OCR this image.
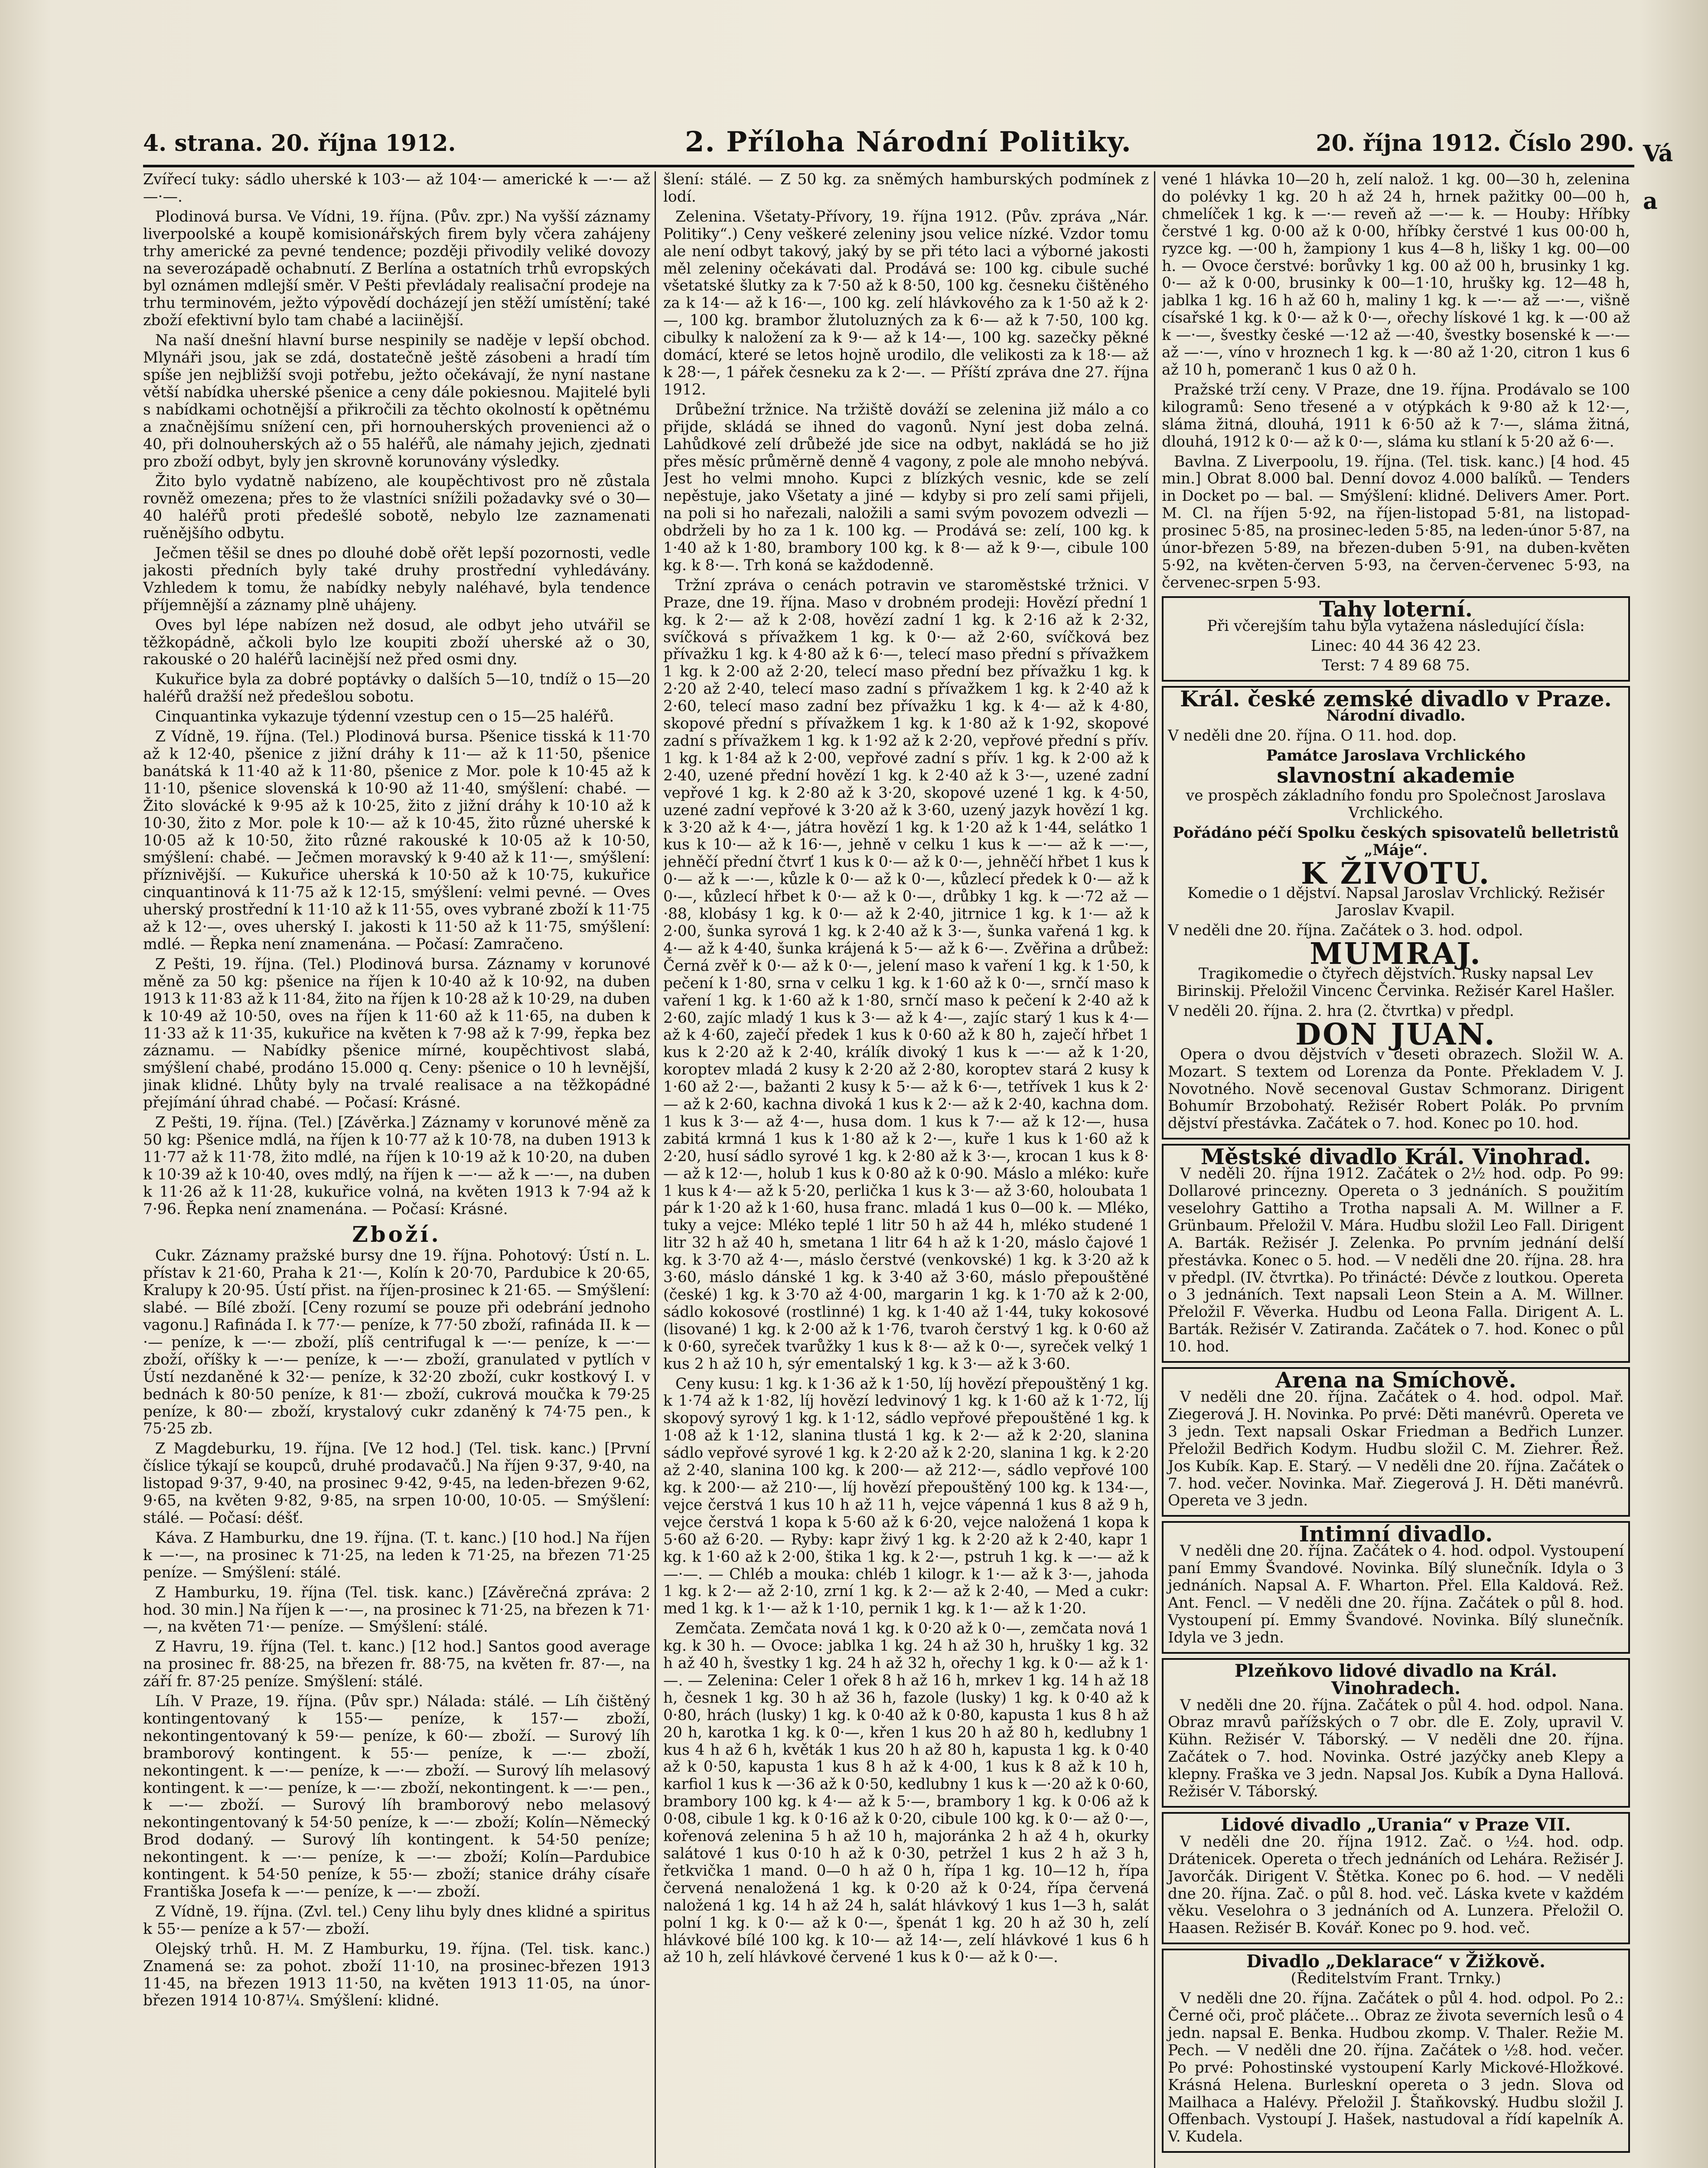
4. strana. 20. října 1912.	2. Příloha Národní Politiky.	20. října 1912. Číslo 290.

Zvířecí tuky: sádlo uherské k 103·— až 104·— americké k —·— až —·—.

Plodinová bursa. Ve Vídni, 19. října. (Pův. zpr.) Na vyšší záznamy liverpoolské a koupě komisionářských firem byly včera zahájeny trhy americké za pevné tendence; později přivodily veliké dovozy na severozápadě ochabnutí. Z Berlína a ostatních trhů evropských byl oznámen mdlejší směr. V Pešti převládaly realisační prodeje na trhu terminovém, ježto výpovědí docházejí jen stěží umístění; také zboží efektivní bylo tam chabé a laciinější.

Na naší dnešní hlavní burse nespinily se naděje v lepší obchod. Mlynáři jsou, jak se zdá, dostatečně ještě zásobeni a hradí tím spíše jen nejbližší svoji potřebu, ježto očekávají, že nyní nastane větší nabídka uherské pšenice a ceny dále pokiesnou. Majitelé byli s nabídkami ochotnější a přikročili za těchto okolností k opětnému a značnějšímu snížení cen, při hornouherských provenienci až o 40, při dolnouherských až o 55 haléřů, ale námahy jejich, zjednati pro zboží odbyt, byly jen skrovně korunovány výsledky.

Žito bylo vydatně nabízeno, ale koupěchtivost pro ně zůstala rovněž omezena; přes to že vlastníci snížili požadavky své o 30—40 haléřů proti předešlé sobotě, nebylo lze zaznamenati ruěnějšího odbytu.

Ječmen těšil se dnes po dlouhé době ořět lepší pozornosti, vedle jakosti předních byly také druhy prostřední vyhledávány. Vzhledem k tomu, že nabídky nebyly naléhavé, byla tendence příjemnější a záznamy plně uhájeny.

Oves byl lépe nabízen než dosud, ale odbyt jeho utvářil se těžkopádně, ačkoli bylo lze koupiti zboží uherské až o 30, rakouské o 20 haléřů lacinější než před osmi dny.

Kukuřice byla za dobré poptávky o dalších 5—10, tndíž o 15—20 haléřů dražší než předešlou sobotu.

Cinquantinka vykazuje týdenní vzestup cen o 15—25 haléřů.

Z Vídně, 19. října. (Tel.) Plodinová bursa. Pšenice tisská k 11·70 až k 12·40, pšenice z jižní dráhy k 11·— až k 11·50, pšenice banátská k 11·40 až k 11·80, pšenice z Mor. pole k 10·45 až k 11·10, pšenice slovenská k 10·90 až 11·40, smýšlení: chabé. — Žito slovácké k 9·95 až k 10·25, žito z jižní dráhy k 10·10 až k 10·30, žito z Mor. pole k 10·— až k 10·45, žito různé uherské k 10·05 až k 10·50, žito různé rakouské k 10·05 až k 10·50, smýšlení: chabé. — Ječmen moravský k 9·40 až k 11·—, smýšlení: příznivější. — Kukuřice uherská k 10·50 až k 10·75, kukuřice cinquantinová k 11·75 až k 12·15, smýšlení: velmi pevné. — Oves uherský prostřední k 11·10 až k 11·55, oves vybrané zboží k 11·75 až k 12·—, oves uherský I. jakosti k 11·50 až k 11·75, smýšlení: mdlé. — Řepka není znamenána. — Počasí: Zamračeno.

Z Pešti, 19. října. (Tel.) Plodinová bursa. Záznamy v korunové měně za 50 kg: pšenice na říjen k 10·40 až k 10·92, na duben 1913 k 11·83 až k 11·84, žito na říjen k 10·28 až k 10·29, na duben k 10·49 až 10·50, oves na říjen k 11·60 až k 11·65, na duben k 11·33 až k 11·35, kukuřice na květen k 7·98 až k 7·99, řepka bez záznamu. — Nabídky pšenice mírné, koupěchtivost slabá, smýšlení chabé, prodáno 15.000 q. Ceny: pšenice o 10 h levnější, jinak klidné. Lhůty byly na trvalé realisace a na těžkopádné přejímání úhrad chabé. — Počasí: Krásné.

Z Pešti, 19. října. (Tel.) [Závěrka.] Záznamy v korunové měně za 50 kg: Pšenice mdlá, na říjen k 10·77 až k 10·78, na duben 1913 k 11·77 až k 11·78, žito mdlé, na říjen k 10·19 až k 10·20, na duben k 10·39 až k 10·40, oves mdlý, na říjen k —·— až k —·—, na duben k 11·26 až k 11·28, kukuřice volná, na květen 1913 k 7·94 až k 7·96. Řepka není znamenána. — Počasí: Krásné.

Zboží.

Cukr. Záznamy pražské bursy dne 19. října. Pohotový: Ústí n. L. přístav k 21·60, Praha k 21·—, Kolín k 20·70, Pardubice k 20·65, Kralupy k 20·95. Ústí přist. na říjen-prosinec k 21·65. — Smýšlení: slabé. — Bílé zboží. [Ceny rozumí se pouze při odebrání jednoho vagonu.] Rafináda I. k 77·— peníze, k 77·50 zboží, rafináda II. k —·— peníze, k —·— zboží, plíš centrifugal k —·— peníze, k —·— zboží, oříšky k —·— peníze, k —·— zboží, granulated v pytlích v Ústí nezdaněné k 32·— peníze, k 32·20 zboží, cukr kostkový I. v bednách k 80·50 peníze, k 81·— zboží, cukrová moučka k 79·25 peníze, k 80·— zboží, krystalový cukr zdaněný k 74·75 pen., k 75·25 zb.

Z Magdeburku, 19. října. [Ve 12 hod.] (Tel. tisk. kanc.) [První číslice týkají se koupců, druhé prodavačů.] Na říjen 9·37, 9·40, na listopad 9·37, 9·40, na prosinec 9·42, 9·45, na leden-březen 9·62, 9·65, na květen 9·82, 9·85, na srpen 10·00, 10·05. — Smýšlení: stálé. — Počasí: déšť.

Káva. Z Hamburku, dne 19. října. (T. t. kanc.) [10 hod.] Na říjen k —·—, na prosinec k 71·25, na leden k 71·25, na březen 71·25 peníze. — Smýšlení: stálé.

Z Hamburku, 19. října (Tel. tisk. kanc.) [Závěrečná zpráva: 2 hod. 30 min.] Na říjen k —·—, na prosinec k 71·25, na březen k 71·—, na květen 71·— peníze. — Smýšlení: stálé.

Z Havru, 19. října (Tel. t. kanc.) [12 hod.] Santos good average na prosinec fr. 88·25, na březen fr. 88·75, na květen fr. 87·—, na září fr. 87·25 peníze. Smýšlení: stálé.

Líh. V Praze, 19. října. (Pův spr.) Nálada: stálé. — Líh čištěný kontingentovaný k 155·— peníze, k 157·— zboží, nekontingentovaný k 59·— peníze, k 60·— zboží. — Surový líh bramborový kontingent. k 55·— peníze, k —·— zboží, nekontingent. k —·— peníze, k —·— zboží. — Surový líh melasový kontingent. k —·— peníze, k —·— zboží, nekontingent. k —·— pen., k —·— zboží. — Surový líh bramborový nebo melasový nekontingentovaný k 54·50 peníze, k —·— zboží; Kolín—Německý Brod dodaný. — Surový líh kontingent. k 54·50 peníze; nekontingent. k —·— peníze, k —·— zboží; Kolín—Pardubice kontingent. k 54·50 peníze, k 55·— zboží; stanice dráhy císaře Františka Josefa k —·— peníze, k —·— zboží.

Z Vídně, 19. října. (Zvl. tel.) Ceny lihu byly dnes klidné a spiritus k 55·— peníze a k 57·— zboží.

Olejský trhů. H. M. Z Hamburku, 19. října. (Tel. tisk. kanc.) Znamená se: za pohot. zboží 11·10, na prosinec-březen 1913 11·45, na březen 1913 11·50, na květen 1913 11·05, na únor-březen 1914 10·87¼. Smýšlení: klidné.

šlení: stálé. — Z 50 kg. za sněmých hamburských podmínek z lodí.

Zelenina. Všetaty-Přívory, 19. října 1912. (Pův. zpráva „Nár. Politiky“.) Ceny veškeré zeleniny jsou velice nízké. Vzdor tomu ale není odbyt takový, jaký by se při této laci a výborné jakosti měl zeleniny očekávati dal. Prodává se: 100 kg. cibule suché všetatské šlutky za k 7·50 až k 8·50, 100 kg. česneku čištěného za k 14·— až k 16·—, 100 kg. zelí hlávkového za k 1·50 až k 2·—, 100 kg. brambor žlutoluzných za k 6·— až k 7·50, 100 kg. cibulky k naložení za k 9·— až k 14·—, 100 kg. sazečky pěkné domácí, které se letos hojně urodilo, dle velikosti za k 18·— až k 28·—, 1 pářek česneku za k 2·—. — Příští zpráva dne 27. října 1912.

Drůbežní tržnice. Na tržiště dováží se zelenina již málo a co přijde, skládá se ihned do vagonů. Nyní jest doba zelná. Lahůdkové zelí drůbežé jde sice na odbyt, nakládá se ho již přes měsíc průměrně denně 4 vagony, z pole ale mnoho nebývá. Jest ho velmi mnoho. Kupci z blízkých vesnic, kde se zelí nepěstuje, jako Všetaty a jiné — kdyby si pro zelí sami přijeli, na poli si ho nařezali, naložili a sami svým povozem odvezli — obdrželi by ho za 1 k. 100 kg. — Prodává se: zelí, 100 kg. k 1·40 až k 1·80, brambory 100 kg. k 8·— až k 9·—, cibule 100 kg. k 8·—. Trh koná se každodenně.

Tržní zpráva o cenách potravin ve staroměstské tržnici. V Praze, dne 19. října. Maso v drobném prodeji: Hovězí přední 1 kg. k 2·— až k 2·08, hovězí zadní 1 kg. k 2·16 až k 2·32, svíčková s přívažkem 1 kg. k 0·— až 2·60, svíčková bez přívažku 1 kg. k 4·80 až k 6·—, telecí maso přední s přívažkem 1 kg. k 2·00 až 2·20, telecí maso přední bez přívažku 1 kg. k 2·20 až 2·40, telecí maso zadní s přívažkem 1 kg. k 2·40 až k 2·60, telecí maso zadní bez přívažku 1 kg. k 4·— až k 4·80, skopové přední s přívažkem 1 kg. k 1·80 až k 1·92, skopové zadní s přívažkem 1 kg. k 1·92 až k 2·20, vepřové přední s přív. 1 kg. k 1·84 až k 2·00, vepřové zadní s přív. 1 kg. k 2·00 až k 2·40, uzené přední hovězí 1 kg. k 2·40 až k 3·—, uzené zadní vepřové 1 kg. k 2·80 až k 3·20, skopové uzené 1 kg. k 4·50, uzené zadní vepřové k 3·20 až k 3·60, uzený jazyk hovězí 1 kg. k 3·20 až k 4·—, játra hovězí 1 kg. k 1·20 až k 1·44, selátko 1 kus k 10·— až k 16·—, jehně v celku 1 kus k —·— až k —·—, jehněčí přední čtvrť 1 kus k 0·— až k 0·—, jehněčí hřbet 1 kus k 0·— až k —·—, kůzle k 0·— až k 0·—, kůzlecí předek k 0·— až k 0·—, kůzlecí hřbet k 0·— až k 0·—, drůbky 1 kg. k —·72 až —·88, klobásy 1 kg. k 0·— až k 2·40, jitrnice 1 kg. k 1·— až k 2·00, šunka syrová 1 kg. k 2·40 až k 3·—, šunka vařená 1 kg. k 4·— až k 4·40, šunka krájená k 5·— až k 6·—. Zvěřina a drůbež: Černá zvěř k 0·— až k 0·—, jelení maso k vaření 1 kg. k 1·50, k pečení k 1·80, srna v celku 1 kg. k 1·60 až k 0·—, srnčí maso k vaření 1 kg. k 1·60 až k 1·80, srnčí maso k pečení k 2·40 až k 2·60, zajíc mladý 1 kus k 3·— až k 4·—, zajíc starý 1 kus k 4·— až k 4·60, zaječí předek 1 kus k 0·60 až k 80 h, zaječí hřbet 1 kus k 2·20 až k 2·40, králík divoký 1 kus k —·— až k 1·20, koroptev mladá 2 kusy k 2·20 až 2·80, koroptev stará 2 kusy k 1·60 až 2·—, bažanti 2 kusy k 5·— až k 6·—, tetřívek 1 kus k 2·— až k 2·60, kachna divoká 1 kus k 2·— až k 2·40, kachna dom. 1 kus k 3·— až 4·—, husa dom. 1 kus k 7·— až k 12·—, husa zabitá krmná 1 kus k 1·80 až k 2·—, kuře 1 kus k 1·60 až k 2·20, husí sádlo syrové 1 kg. k 2·80 až k 3·—, krocan 1 kus k 8·— až k 12·—, holub 1 kus k 0·80 až k 0·90. Máslo a mléko: kuře 1 kus k 4·— až k 5·20, perlička 1 kus k 3·— až 3·60, holoubata 1 pár k 1·20 až k 1·60, husa franc. mladá 1 kus 0—00 k. — Mléko, tuky a vejce: Mléko teplé 1 litr 50 h až 44 h, mléko studené 1 litr 32 h až 40 h, smetana 1 litr 64 h až k 1·20, máslo čajové 1 kg. k 3·70 až 4·—, máslo čerstvé (venkovské) 1 kg. k 3·20 až k 3·60, máslo dánské 1 kg. k 3·40 až 3·60, máslo přepouštěné (české) 1 kg. k 3·70 až 4·00, margarin 1 kg. k 1·70 až k 2·00, sádlo kokosové (rostlinné) 1 kg. k 1·40 až 1·44, tuky kokosové (lisované) 1 kg. k 2·00 až k 1·76, tvaroh čerstvý 1 kg. k 0·60 až k 0·60, syreček tvarůžky 1 kus k 8·— až k 0·—, syreček velký 1 kus 2 h až 10 h, sýr ementalský 1 kg. k 3·— až k 3·60.

Ceny kusu: 1 kg. k 1·36 až k 1·50, líj hovězí přepouštěný 1 kg. k 1·74 až k 1·82, líj hovězí ledvinový 1 kg. k 1·60 až k 1·72, líj skopový syrový 1 kg. k 1·12, sádlo vepřové přepouštěné 1 kg. k 1·08 až k 1·12, slanina tlustá 1 kg. k 2·— až k 2·20, slanina sádlo vepřové syrové 1 kg. k 2·20 až k 2·20, slanina 1 kg. k 2·20 až 2·40, slanina 100 kg. k 200·— až 212·—, sádlo vepřové 100 kg. k 200·— až 210·—, líj hovězí přepouštěný 100 kg. k 134·—, vejce čerstvá 1 kus 10 h až 11 h, vejce vápenná 1 kus 8 až 9 h, vejce čerstvá 1 kopa k 5·60 až k 6·20, vejce naložená 1 kopa k 5·60 až 6·20. — Ryby: kapr živý 1 kg. k 2·20 až k 2·40, kapr 1 kg. k 1·60 až k 2·00, štika 1 kg. k 2·—, pstruh 1 kg. k —·— až k —·—. — Chléb a mouka: chléb 1 kilogr. k 1·— až k 3·—, jahoda 1 kg. k 2·— až 2·10, zrní 1 kg. k 2·— až k 2·40, — Med a cukr: med 1 kg. k 1·— až k 1·10, pernik 1 kg. k 1·— až k 1·20.

Zemčata. Zemčata nová 1 kg. k 0·20 až k 0·—, zemčata nová 1 kg. k 30 h. — Ovoce: jablka 1 kg. 24 h až 30 h, hrušky 1 kg. 32 h až 40 h, švestky 1 kg. 24 h až 32 h, ořechy 1 kg. k 0·— až k 1·—. — Zelenina: Celer 1 ořek 8 h až 16 h, mrkev 1 kg. 14 h až 18 h, česnek 1 kg. 30 h až 36 h, fazole (lusky) 1 kg. k 0·40 až k 0·80, hrách (lusky) 1 kg. k 0·40 až k 0·80, kapusta 1 kus 8 h až 20 h, karotka 1 kg. k 0·—, křen 1 kus 20 h až 80 h, kedlubny 1 kus 4 h až 6 h, květák 1 kus 20 h až 80 h, kapusta 1 kg. k 0·40 až k 0·50, kapusta 1 kus 8 h až k 4·00, 1 kus k 8 až k 10 h, karfiol 1 kus k —·36 až k 0·50, kedlubny 1 kus k —·20 až k 0·60, brambory 100 kg. k 4·— až k 5·—, brambory 1 kg. k 0·06 až k 0·08, cibule 1 kg. k 0·16 až k 0·20, cibule 100 kg. k 0·— až 0·—, kořenová zelenina 5 h až 10 h, majoránka 2 h až 4 h, okurky salátové 1 kus 0·10 h až k 0·30, petržel 1 kus 2 h až 3 h, řetkvička 1 mand. 0—0 h až 0 h, řípa 1 kg. 10—12 h, řípa červená nenaložená 1 kg. k 0·20 až k 0·24, řípa červená naložená 1 kg. 14 h až 24 h, salát hlávkový 1 kus 1—3 h, salát polní 1 kg. k 0·— až k 0·—, špenát 1 kg. 20 h až 30 h, zelí hlávkové bílé 100 kg. k 10·— až 14·—, zelí hlávkové 1 kus 6 h až 10 h, zelí hlávkové červené 1 kus k 0·— až k 0·—.

vené 1 hlávka 10—20 h, zelí nalož. 1 kg. 00—30 h, zelenina do polévky 1 kg. 20 h až 24 h, hrnek pažitky 00—00 h, chmelíček 1 kg. k —·— reveň až —·— k. — Houby: Hříbky čerstvé 1 kg. 0·00 až k 0·00, hříbky čerstvé 1 kus 00·00 h, ryzce kg. —·00 h, žampiony 1 kus 4—8 h, lišky 1 kg. 00—00 h. — Ovoce čerstvé: borůvky 1 kg. 00 až 00 h, brusinky 1 kg. 0·— až k 0·00, brusinky k 00—1·10, hrušky kg. 12—48 h, jablka 1 kg. 16 h až 60 h, maliny 1 kg. k —·— až —·—, višně císařské 1 kg. k 0·— až k 0·—, ořechy lískové 1 kg. k —·00 až k —·—, švestky české —·12 až —·40, švestky bosenské k —·— až —·—, víno v hroznech 1 kg. k —·80 až 1·20, citron 1 kus 6 až 10 h, pomeranč 1 kus 0 až 0 h.

Pražské trží ceny. V Praze, dne 19. října. Prodávalo se 100 kilogramů: Seno třesené a v otýpkách k 9·80 až k 12·—, sláma žitná, dlouhá, 1911 k 6·50 až k 7·—, sláma žitná, dlouhá, 1912 k 0·— až k 0·—, sláma ku stlaní k 5·20 až 6·—.

Bavlna. Z Liverpoolu, 19. října. (Tel. tisk. kanc.) [4 hod. 45 min.] Obrat 8.000 bal. Denní dovoz 4.000 balíků. — Tenders in Docket po — bal. — Smýšlení: klidné. Delivers Amer. Port. M. Cl. na říjen 5·92, na říjen-listopad 5·81, na listopad-prosinec 5·85, na prosinec-leden 5·85, na leden-únor 5·87, na únor-březen 5·89, na březen-duben 5·91, na duben-květen 5·92, na květen-červen 5·93, na červen-červenec 5·93, na červenec-srpen 5·93.

Tahy loterní.

Při včerejším tahu byla vytažena následující čísla:

Linec: 40 44 36 42 23.

Terst: 7 4 89 68 75.

Král. české zemské divadlo v Praze.

Národní divadlo.

V neděli dne 20. října. O 11. hod. dop.

Památce Jaroslava Vrchlického

slavnostní akademie

ve prospěch základního fondu pro Společnost Jaroslava Vrchlického.

Pořádáno péčí Spolku českých spisovatelů belletristů „Máje“.

K ŽIVOTU.

Komedie o 1 dějství. Napsal Jaroslav Vrchlický. Režisér Jaroslav Kvapil.

V neděli dne 20. října. Začátek o 3. hod. odpol.

MUMRAJ.

Tragikomedie o čtyřech dějstvích. Rusky napsal Lev Birinskij. Přeložil Vincenc Červinka. Režisér Karel Hašler.

V neděli 20. října. 2. hra (2. čtvrtka) v předpl.

DON JUAN.

Opera o dvou dějstvích v deseti obrazech. Složil W. A. Mozart. S textem od Lorenza da Ponte. Překladem V. J. Novotného. Nově secenoval Gustav Schmoranz. Dirigent Bohumír Brzobohatý. Režisér Robert Polák. Po prvním dějství přestávka. Začátek o 7. hod. Konec po 10. hod.

Městské divadlo Král. Vinohrad.

V neděli 20. října 1912. Začátek o 2½ hod. odp. Po 99: Dollarové princezny. Opereta o 3 jednáních. S použitím veselohry Gattiho a Trotha napsali A. M. Willner a F. Grünbaum. Přeložil V. Mára. Hudbu složil Leo Fall. Dirigent A. Barták. Režisér J. Zelenka. Po prvním jednání delší přestávka. Konec o 5. hod. — V neděli dne 20. října. 28. hra v předpl. (IV. čtvrtka). Po třinácté: Dévče z loutkou. Opereta o 3 jednáních. Text napsali Leon Stein a A. M. Willner. Přeložil F. Věverka. Hudbu od Leona Falla. Dirigent A. L. Barták. Režisér V. Zatiranda. Začátek o 7. hod. Konec o půl 10. hod.

Arena na Smíchově.

V neděli dne 20. října. Začátek o 4. hod. odpol. Mař. Ziegerová J. H. Novinka. Po prvé: Děti manévrů. Opereta ve 3 jedn. Text napsali Oskar Friedman a Bedřich Lunzer. Přeložil Bedřich Kodym. Hudbu složil C. M. Ziehrer. Řež. Jos Kubík. Kap. E. Starý. — V neděli dne 20. října. Začátek o 7. hod. večer. Novinka. Mař. Ziegerová J. H. Děti manévrů. Opereta ve 3 jedn.

Intimní divadlo.

V neděli dne 20. října. Začátek o 4. hod. odpol. Vystoupení paní Emmy Švandové. Novinka. Bílý slunečník. Idyla o 3 jednáních. Napsal A. F. Wharton. Přel. Ella Kaldová. Rež. Ant. Fencl. — V neděli dne 20. října. Začátek o půl 8. hod. Vystoupení pí. Emmy Švandové. Novinka. Bílý slunečník. Idyla ve 3 jedn.

Plzeňkovo lidové divadlo na Král. Vinohradech.

V neděli dne 20. října. Začátek o půl 4. hod. odpol. Nana. Obraz mravů pařížských o 7 obr. dle E. Zoly, upravil V. Kühn. Režisér V. Táborský. — V neděli dne 20. října. Začátek o 7. hod. Novinka. Ostré jazýčky aneb Klepy a klepny. Fraška ve 3 jedn. Napsal Jos. Kubík a Dyna Hallová. Režisér V. Táborský.

Lidové divadlo „Urania“ v Praze VII.

V neděli dne 20. října 1912. Zač. o ½4. hod. odp. Drátenicek. Opereta o třech jednáních od Lehára. Režisér J. Javorčák. Dirigent V. Štětka. Konec po 6. hod. — V neděli dne 20. října. Zač. o půl 8. hod. več. Láska kvete v každém věku. Veselohra o 3 jednáních od A. Lunzera. Přeložil O. Haasen. Režisér B. Kovář. Konec po 9. hod. več.

Divadlo „Deklarace“ v Žižkově.

(Ředitelstvím Frant. Trnky.)

V neděli dne 20. října. Začátek o půl 4. hod. odpol. Po 2.: Černé oči, proč pláčete... Obraz ze života severních lesů o 4 jedn. napsal E. Benka. Hudbou zkomp. V. Thaler. Režie M. Pech. — V neděli dne 20. října. Začátek o ½8. hod. večer. Po prvé: Pohostinské vystoupení Karly Mickové-Hložkové. Krásná Helena. Burleskní opereta o 3 jedn. Slova od Mailhaca a Halévy. Přeložil J. Štaňkovský. Hudbu složil J. Offenbach. Vystoupí J. Hašek, nastudoval a řídí kapelník A. V. Kudela.

Vá
a
